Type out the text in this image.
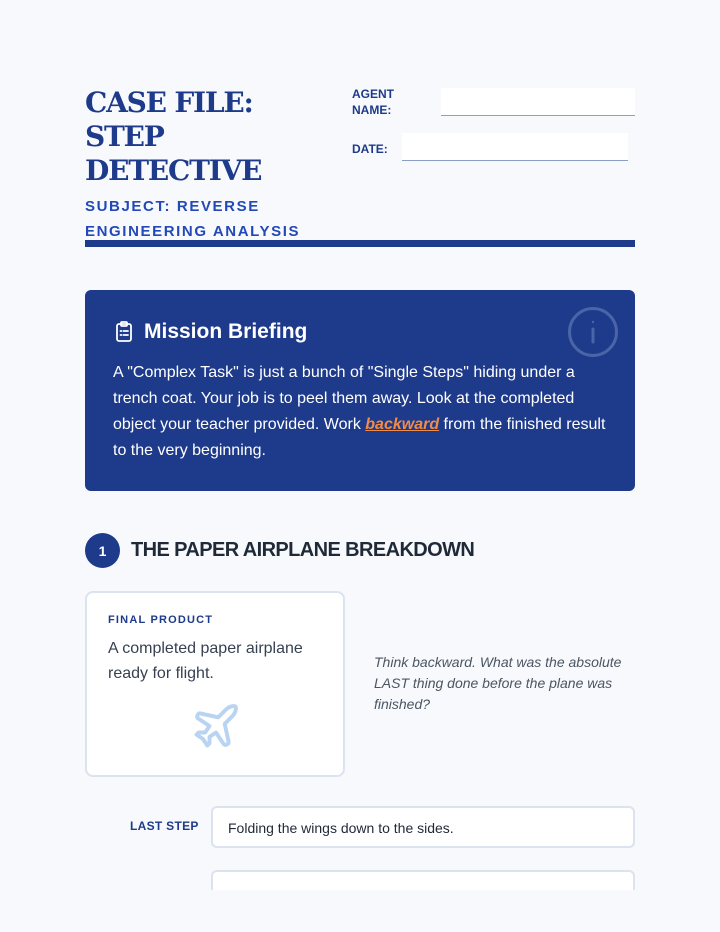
CASE FILE: STEP DETECTIVE
SUBJECT: REVERSE ENGINEERING ANALYSIS
AGENT NAME:
DATE:
Mission Briefing

A "Complex Task" is just a bunch of "Single Steps" hiding under a trench coat. Your job is to peel them away. Look at the completed object your teacher provided. Work backward from the finished result to the very beginning.

1	THE PAPER AIRPLANE BREAKDOWN
FINAL PRODUCT
A completed paper airplane ready for flight.

Think backward. What was the absolute LAST thing done before the plane was finished?

LAST STEP Folding the wings down to the sides.
